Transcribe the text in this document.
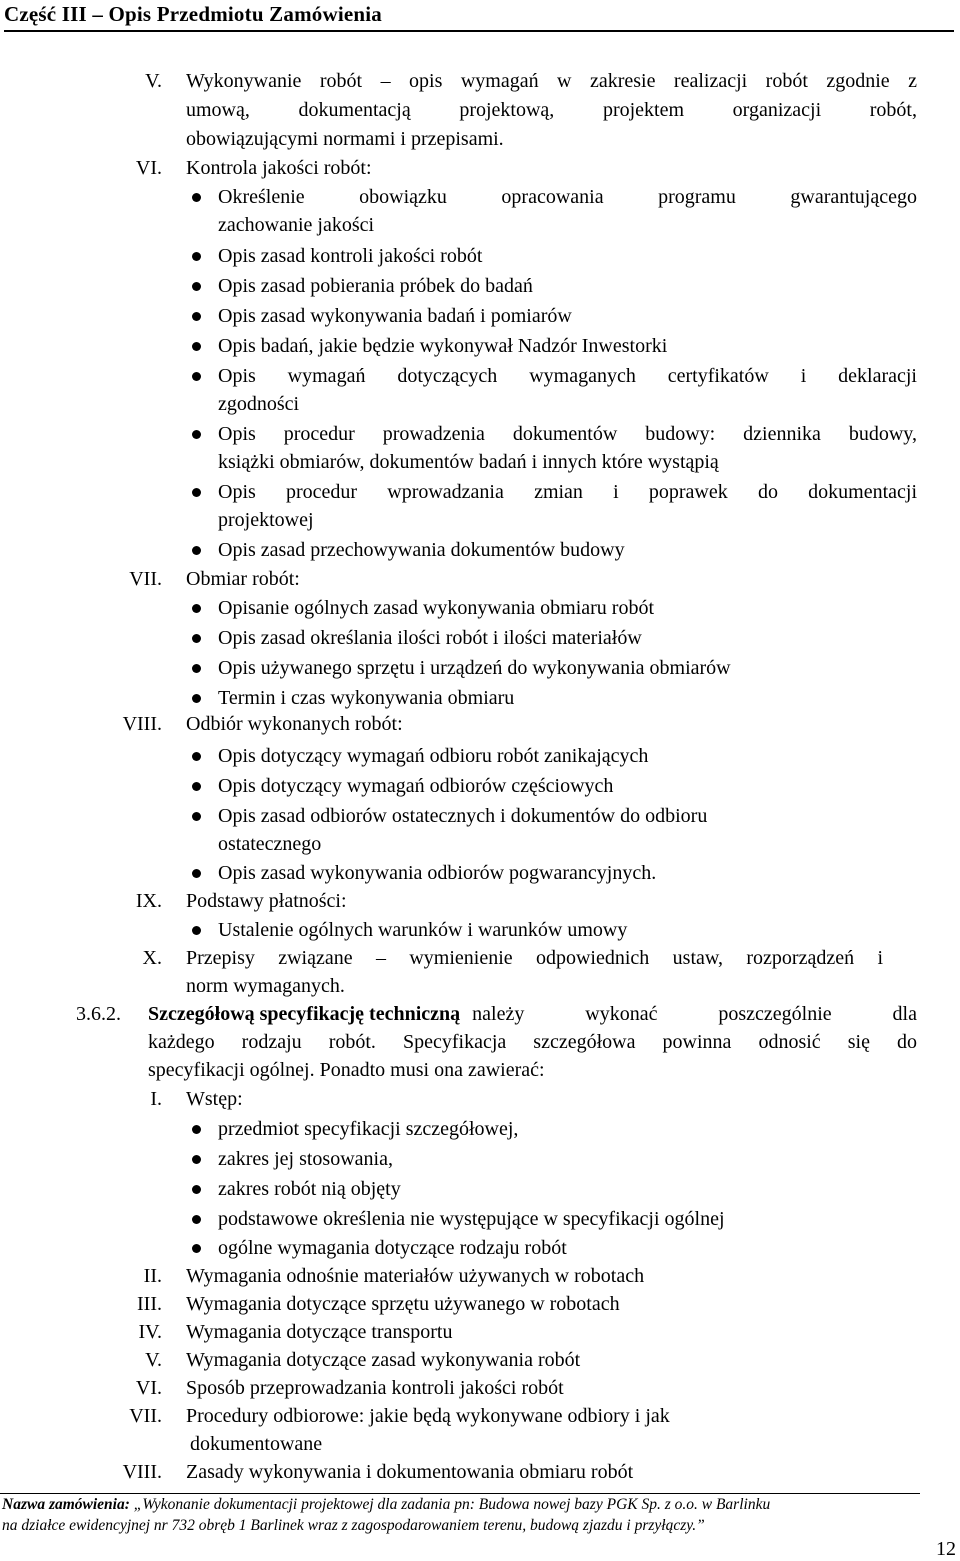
Część III – Opis Przedmiotu Zamówienia
V. Wykonywanie robót – opis wymagań w zakresie realizacji robót zgodnie z
umową, dokumentacją projektową, projektem organizacji robót,
obowiązującymi normami i przepisami.
VI. Kontrola jakości robót:
Określenie obowiązku opracowania programu gwarantującego
zachowanie jakości
Opis zasad kontroli jakości robót
Opis zasad pobierania próbek do badań
Opis zasad wykonywania badań i pomiarów
Opis badań, jakie będzie wykonywał Nadzór Inwestorki
Opis wymagań dotyczących wymaganych certyfikatów i deklaracji
zgodności
Opis procedur prowadzenia dokumentów budowy: dziennika budowy,
książki obmiarów, dokumentów badań i innych które wystąpią
Opis procedur wprowadzania zmian i poprawek do dokumentacji
projektowej
Opis zasad przechowywania dokumentów budowy
VII. Obmiar robót:
Opisanie ogólnych zasad wykonywania obmiaru robót
Opis zasad określania ilości robót i ilości materiałów
Opis używanego sprzętu i urządzeń do wykonywania obmiarów
Termin i czas wykonywania obmiaru
VIII. Odbiór wykonanych robót:
Opis dotyczący wymagań odbioru robót zanikających
Opis dotyczący wymagań odbiorów częściowych
Opis zasad odbiorów ostatecznych i dokumentów do odbioru
ostatecznego
Opis zasad wykonywania odbiorów pogwarancyjnych.
IX. Podstawy płatności:
Ustalenie ogólnych warunków i warunków umowy
X. Przepisy związane – wymienienie odpowiednich ustaw, rozporządzeń i
norm wymaganych.
3.6.2. Szczegółową specyfikację techniczną należy wykonać poszczególnie dla
każdego rodzaju robót. Specyfikacja szczegółowa powinna odnosić się do
specyfikacji ogólnej. Ponadto musi ona zawierać:
I. Wstęp:
przedmiot specyfikacji szczegółowej,
zakres jej stosowania,
zakres robót nią objęty
podstawowe określenia nie występujące w specyfikacji ogólnej
ogólne wymagania dotyczące rodzaju robót
II. Wymagania odnośnie materiałów używanych w robotach
III. Wymagania dotyczące sprzętu używanego w robotach
IV. Wymagania dotyczące transportu
V. Wymagania dotyczące zasad wykonywania robót
VI. Sposób przeprowadzania kontroli jakości robót
VII. Procedury odbiorowe: jakie będą wykonywane odbiory i jak
dokumentowane
VIII. Zasady wykonywania i dokumentowania obmiaru robót
Nazwa zamówienia: „Wykonanie dokumentacji projektowej dla zadania pn: Budowa nowej bazy PGK Sp. z o.o. w Barlinku
na działce ewidencyjnej nr 732 obręb 1 Barlinek wraz z zagospodarowaniem terenu, budową zjazdu i przyłączy.”
12
